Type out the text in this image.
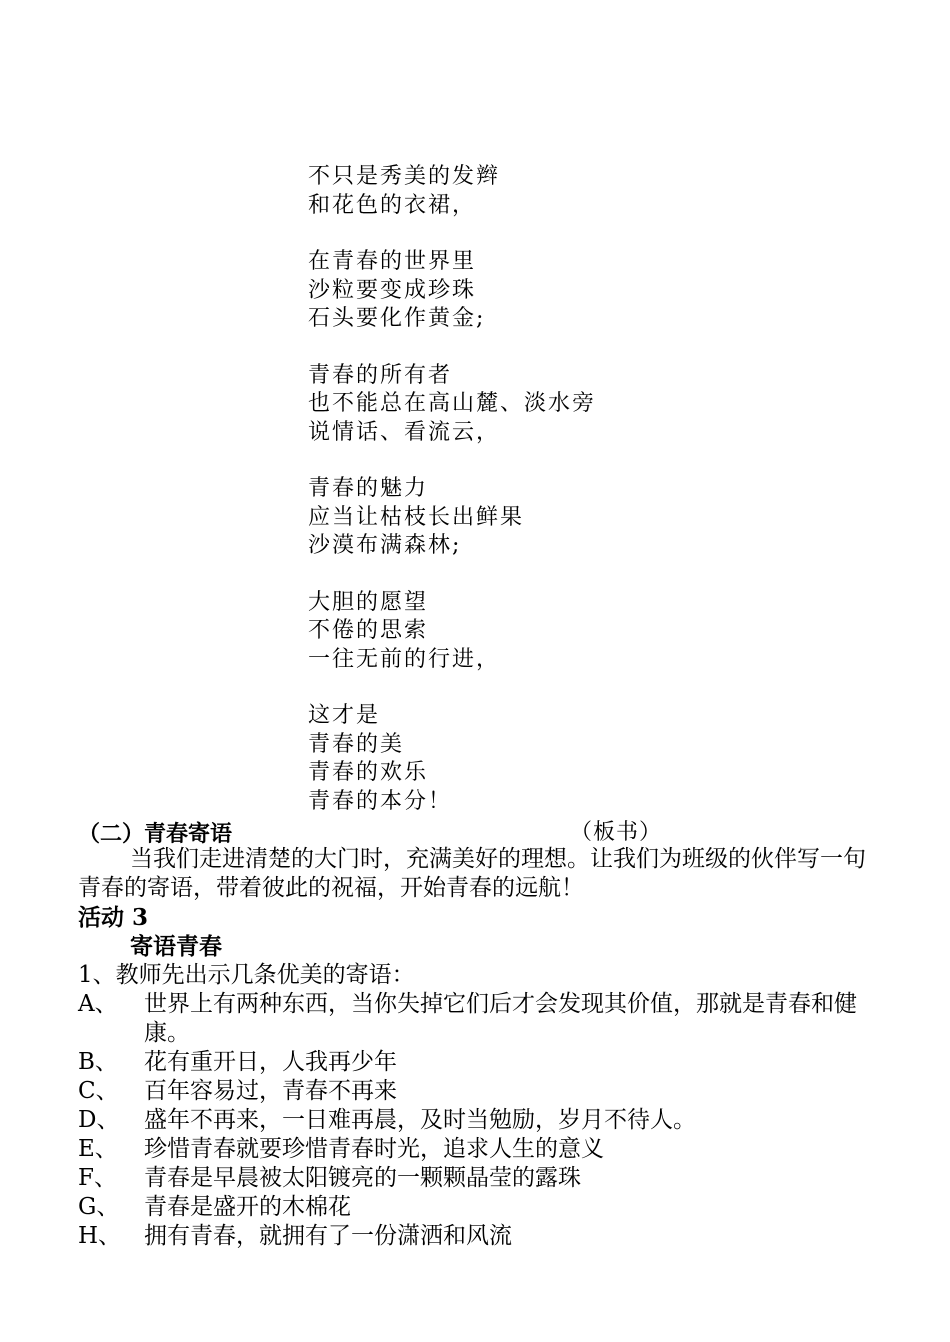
不只是秀美的发辫
和花色的衣裙，
在青春的世界里
沙粒要变成珍珠
石头要化作黄金;
青春的所有者
也不能总在高山麓、淡水旁
说情话、看流云，
青春的魅力
应当让枯枝长出鲜果
沙漠布满森林;
大胆的愿望
不倦的思索
一往无前的行进，
这才是
青春的美
青春的欢乐
青春的本分！
（二）青春寄语	（板书）
当我们走进清楚的大门时，充满美好的理想。让我们为班级的伙伴写一句青春的寄语，带着彼此的祝福，开始青春的远航！
活动 3
寄语青春
1、教师先出示几条优美的寄语：
A、	世界上有两种东西，当你失掉它们后才会发现其价值，那就是青春和健康。
B、	花有重开日，人我再少年
C、	百年容易过，青春不再来
D、	盛年不再来，一日难再晨，及时当勉励，岁月不待人。
E、	珍惜青春就要珍惜青春时光，追求人生的意义
F、	青春是早晨被太阳镀亮的一颗颗晶莹的露珠
G、	青春是盛开的木棉花
H、 拥有青春，就拥有了一份潇洒和风流
